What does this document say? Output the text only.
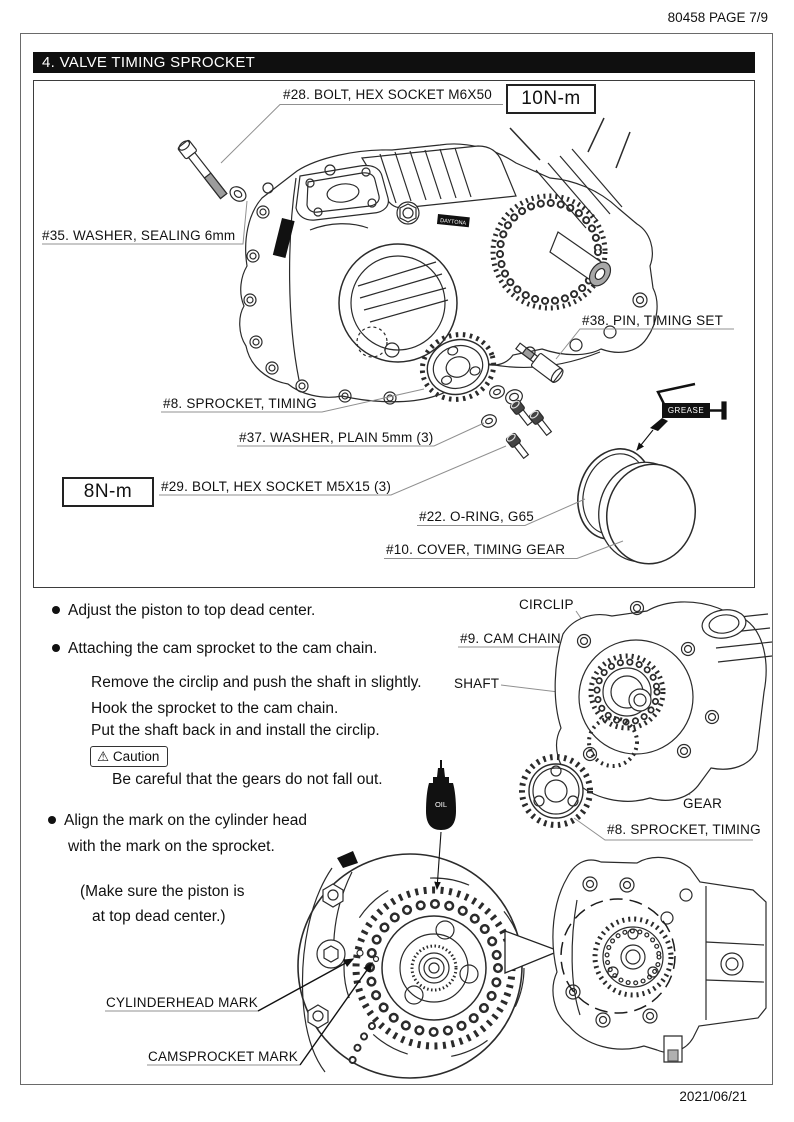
DAYTONA
DAYTONA
80458 PAGE 7/9
4. VALVE TIMING SPROCKET
#28. BOLT, HEX SOCKET M6X50	10N-m
#35. WASHER, SEALING 6mm
#38. PIN, TIMING SET
#8. SPROCKET, TIMING
#37. WASHER, PLAIN 5mm (3)
8N-m	#29. BOLT, HEX SOCKET M5X15 (3)
#22. O-RING, G65
#10. COVER, TIMING GEAR
GREASE
Adjust the piston to top dead center.	CIRCLIP
Attaching the cam sprocket to the cam chain.
#9. CAM CHAIN
Remove the circlip and push the shaft in slightly. SHAFT
Hook the sprocket to the cam chain.
Put the shaft back in and install the circlip.
⚠ Caution
Be careful that the gears do not fall out.
Align the mark on the cylinder head
with the mark on the sprocket.
(Make sure the piston is
at top dead center.)
GEAR
#8. SPROCKET, TIMING
OIL
CYLINDERHEAD MARK
CAMSPROCKET MARK
2021/06/21
